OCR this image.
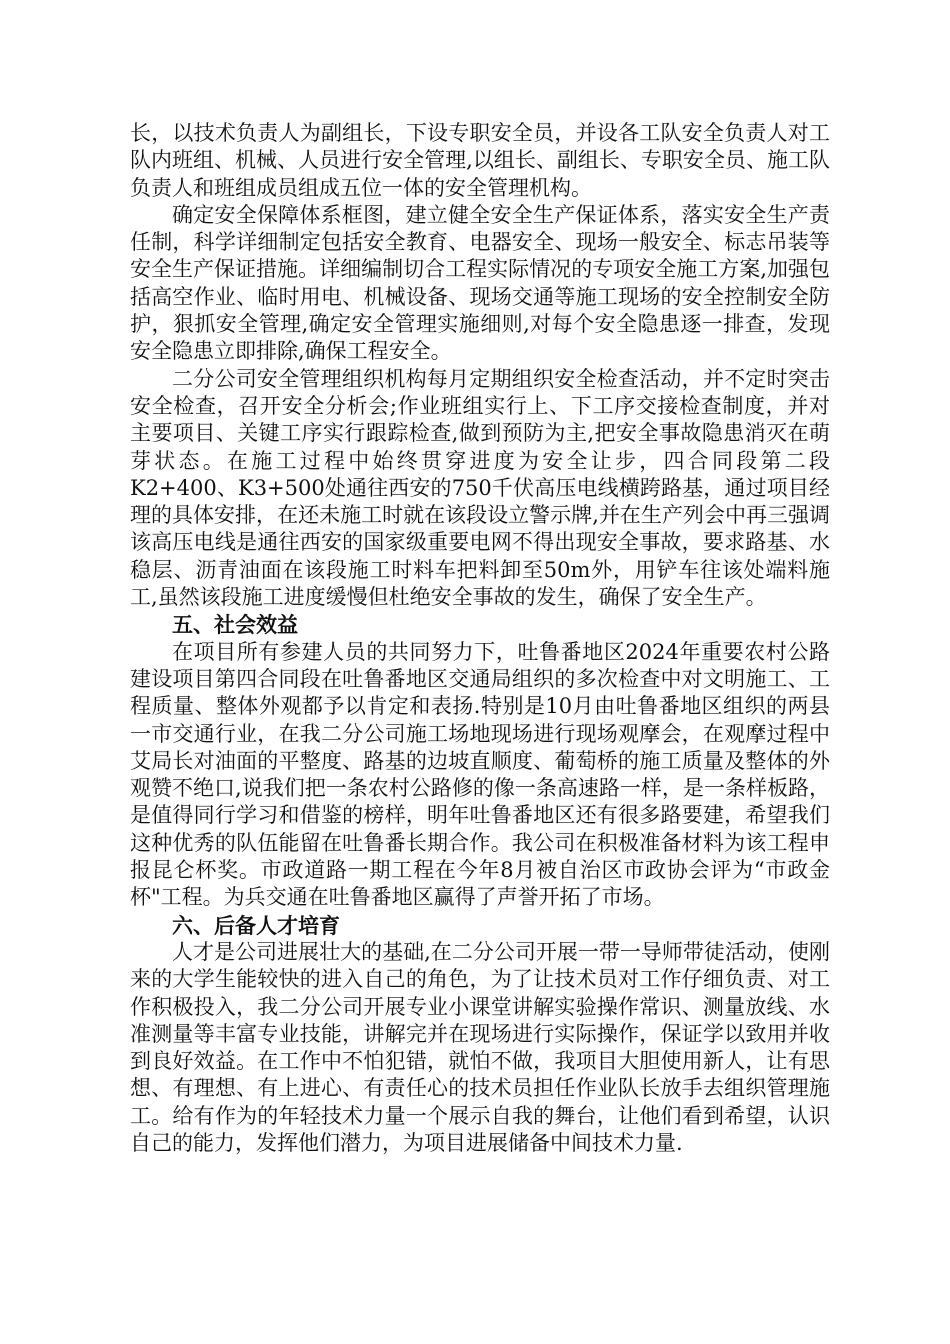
长，以技术负责人为副组长，下设专职安全员，并设各工队安全负责人对工队内班组、机械、人员进行安全管理,以组长、副组长、专职安全员、施工队负责人和班组成员组成五位一体的安全管理机构。

确定安全保障体系框图，建立健全安全生产保证体系，落实安全生产责任制，科学详细制定包括安全教育、电器安全、现场一般安全、标志吊装等安全生产保证措施。详细编制切合工程实际情况的专项安全施工方案,加强包括高空作业、临时用电、机械设备、现场交通等施工现场的安全控制安全防护，狠抓安全管理,确定安全管理实施细则,对每个安全隐患逐一排查，发现安全隐患立即排除,确保工程安全。

二分公司安全管理组织机构每月定期组织安全检查活动，并不定时突击安全检查，召开安全分析会;作业班组实行上、下工序交接检查制度，并对主要项目、关键工序实行跟踪检查,做到预防为主,把安全事故隐患消灭在萌芽状态。在施工过程中始终贯穿进度为安全让步，四合同段第二段K2+400、K3+500处通往西安的750千伏高压电线横跨路基，通过项目经理的具体安排，在还未施工时就在该段设立警示牌,并在生产列会中再三强调该高压电线是通往西安的国家级重要电网不得出现安全事故，要求路基、水稳层、沥青油面在该段施工时料车把料卸至50m外，用铲车往该处端料施工,虽然该段施工进度缓慢但杜绝安全事故的发生，确保了安全生产。

五、社会效益

在项目所有参建人员的共同努力下，吐鲁番地区2024年重要农村公路建设项目第四合同段在吐鲁番地区交通局组织的多次检查中对文明施工、工程质量、整体外观都予以肯定和表扬.特别是10月由吐鲁番地区组织的两县一市交通行业，在我二分公司施工场地现场进行现场观摩会，在观摩过程中艾局长对油面的平整度、路基的边坡直顺度、葡萄桥的施工质量及整体的外观赞不绝口,说我们把一条农村公路修的像一条高速路一样，是一条样板路，是值得同行学习和借鉴的榜样，明年吐鲁番地区还有很多路要建，希望我们这种优秀的队伍能留在吐鲁番长期合作。我公司在积极准备材料为该工程申报昆仑杯奖。市政道路一期工程在今年8月被自治区市政协会评为“市政金杯"工程。为兵交通在吐鲁番地区赢得了声誉开拓了市场。

六、后备人才培育

人才是公司进展壮大的基础,在二分公司开展一带一导师带徒活动，使刚来的大学生能较快的进入自己的角色，为了让技术员对工作仔细负责、对工作积极投入，我二分公司开展专业小课堂讲解实验操作常识、测量放线、水准测量等丰富专业技能，讲解完并在现场进行实际操作，保证学以致用并收到良好效益。在工作中不怕犯错，就怕不做，我项目大胆使用新人，让有思想、有理想、有上进心、有责任心的技术员担任作业队长放手去组织管理施工。给有作为的年轻技术力量一个展示自我的舞台，让他们看到希望，认识自己的能力，发挥他们潜力，为项目进展储备中间技术力量.
